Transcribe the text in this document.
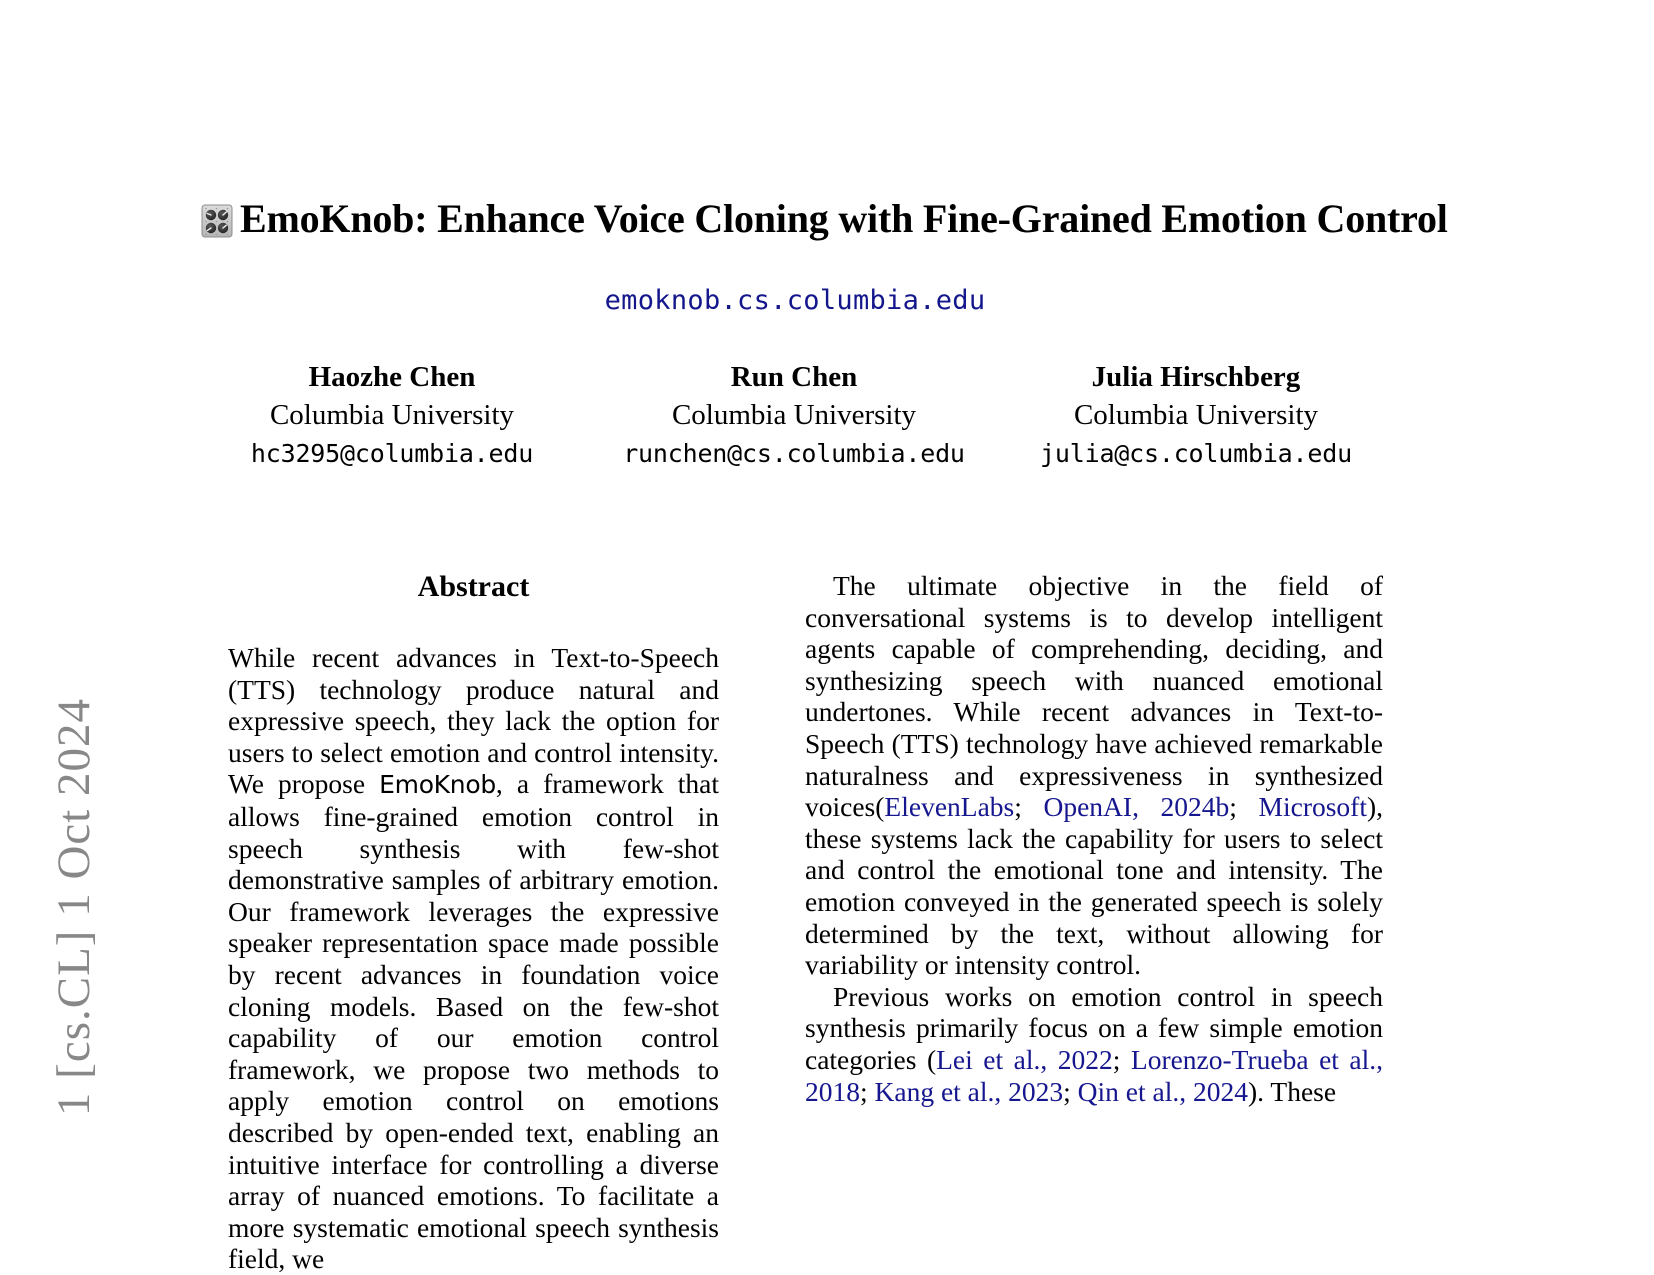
1 [cs.CL] 1 Oct 2024
EmoKnob: Enhance Voice Cloning with Fine-Grained Emotion Control
emoknob.cs.columbia.edu
Haozhe Chen
Columbia University
hc3295@columbia.edu
Run Chen
Columbia University
runchen@cs.columbia.edu
Julia Hirschberg
Columbia University
julia@cs.columbia.edu
Abstract

While recent advances in Text-to-Speech (TTS) technology produce natural and expressive speech, they lack the option for users to select emotion and control intensity. We propose EmoKnob, a framework that allows fine-grained emotion control in speech synthesis with few-shot demonstrative samples of arbitrary emotion. Our framework leverages the expressive speaker representation space made possible by recent advances in foundation voice cloning models. Based on the few-shot capability of our emotion control framework, we propose two methods to apply emotion control on emotions described by open-ended text, enabling an intuitive interface for controlling a diverse array of nuanced emotions. To facilitate a more systematic emotional speech synthesis field, we

The ultimate objective in the field of conversational systems is to develop intelligent agents capable of comprehending, deciding, and synthesizing speech with nuanced emotional undertones. While recent advances in Text-to-Speech (TTS) technology have achieved remarkable naturalness and expressiveness in synthesized voices(ElevenLabs; OpenAI, 2024b; Microsoft), these systems lack the capability for users to select and control the emotional tone and intensity. The emotion conveyed in the generated speech is solely determined by the text, without allowing for variability or intensity control.

Previous works on emotion control in speech synthesis primarily focus on a few simple emotion categories (Lei et al., 2022; Lorenzo-Trueba et al., 2018; Kang et al., 2023; Qin et al., 2024). These
